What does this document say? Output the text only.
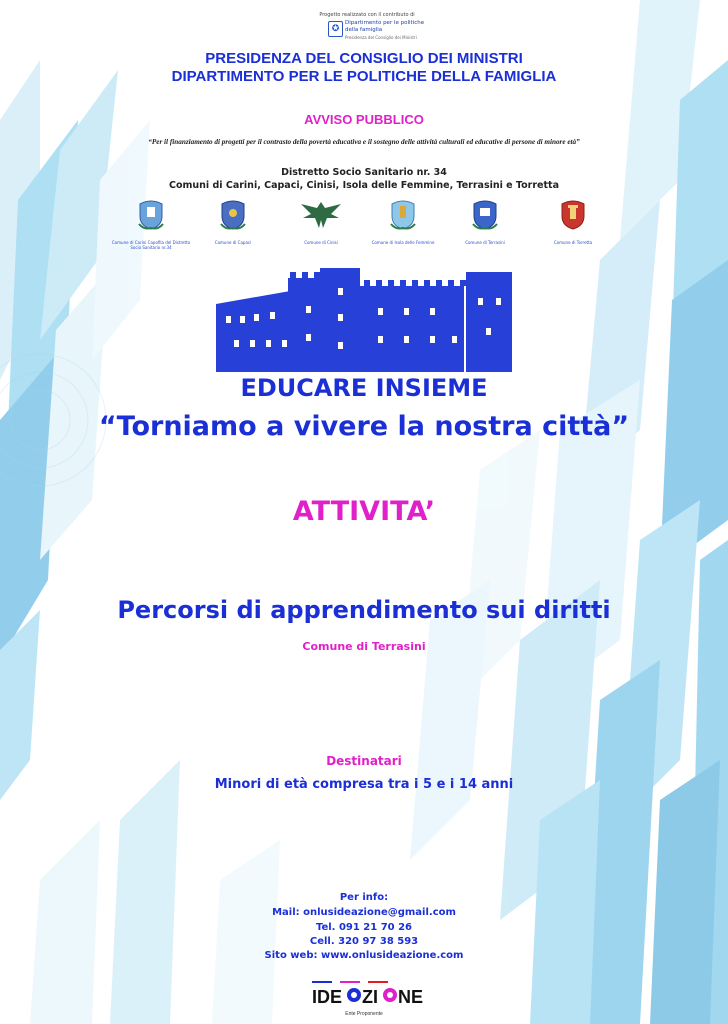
Progetto realizzato con il contributo di
✪
Dipartimento per le politiche della famiglia
Presidenza del Consiglio dei Ministri
PRESIDENZA DEL CONSIGLIO DEI MINISTRI
DIPARTIMENTO PER LE POLITICHE DELLA FAMIGLIA
AVVISO PUBBLICO
“Per il finanziamento di progetti per il contrasto della povertà educativa e il sostegno delle attività culturali ed educative di persone di minore età”
Distretto Socio Sanitario nr. 34
Comuni di Carini, Capaci, Cinisi, Isola delle Femmine, Terrasini e Torretta
Comune di Carini Capofila del Distretto Socio Sanitario nr.34
Comune di Capaci	Comune di Cinisi	Comune di Isola delle Femmine	Comune di Terrasini	Comune di Torretta
EDUCARE INSIEME
“Torniamo a vivere la nostra città”
ATTIVITA’
Percorsi di apprendimento sui diritti
Comune di Terrasini
Destinatari
Minori di età compresa tra i 5 e i 14 anni
Per info:
Mail: onlusideazione@gmail.com
Tel. 091 21 70 26
Cell. 320 97 38 593
Sito web: www.onlusideazione.com
IDE ZI NE
Ente Proponente
